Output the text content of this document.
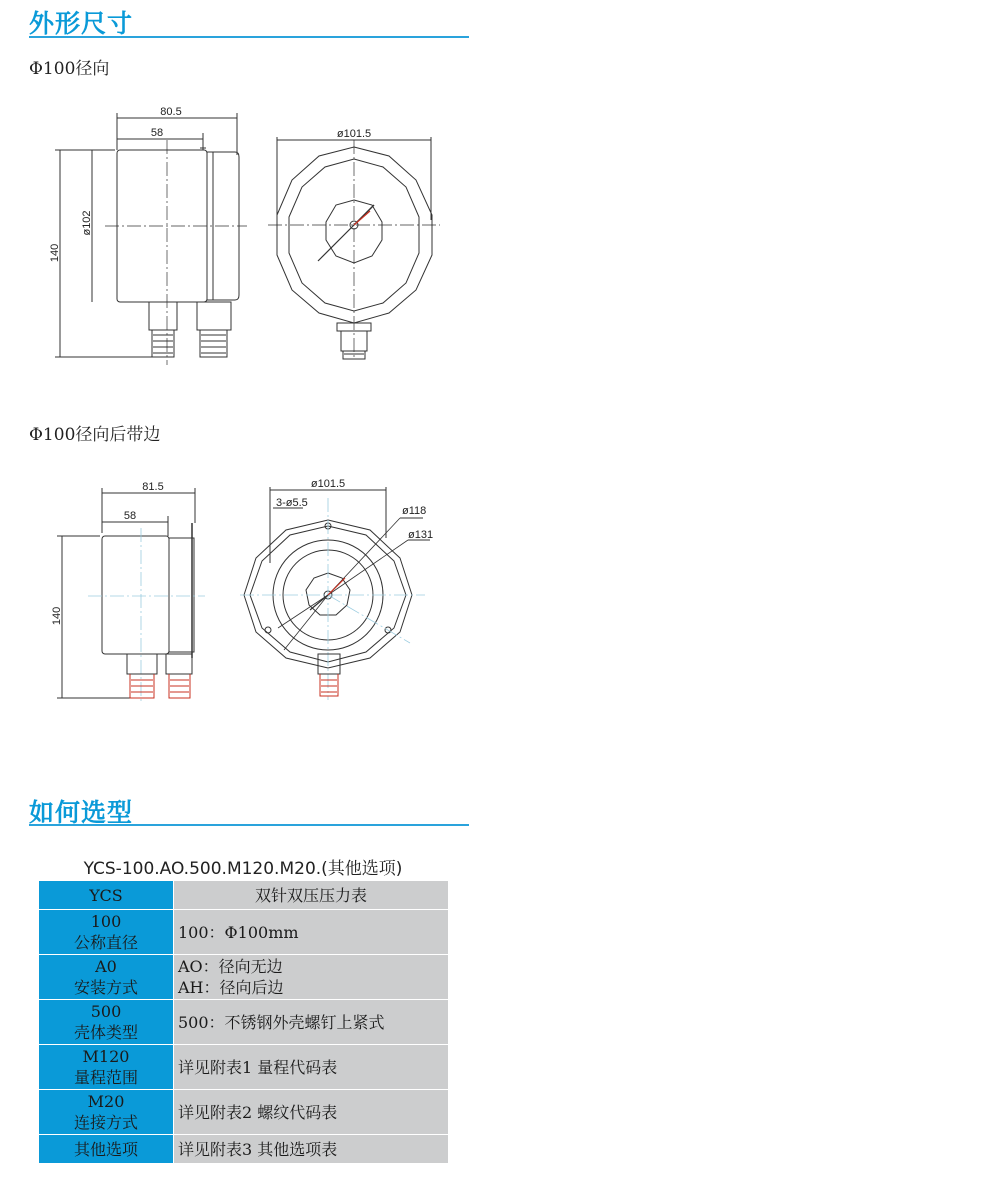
外形尺寸
Φ100径向
80.5
58
140
ø102
ø101.5
Φ100径向后带边
81.5
58
140
ø101.5
3-ø5.5
ø118
ø131
如何选型
YCS-100.AO.500.M120.M20.(其他选项)
YCS	双针双压压力表

100
公称直径	100：Φ100mm

A0
安装方式	AO：径向无边
AH：径向后边

500
壳体类型	500：不锈钢外壳螺钉上紧式

M120
量程范围	详见附表1 量程代码表

M20
连接方式	详见附表2 螺纹代码表

其他选项	详见附表3 其他选项表
